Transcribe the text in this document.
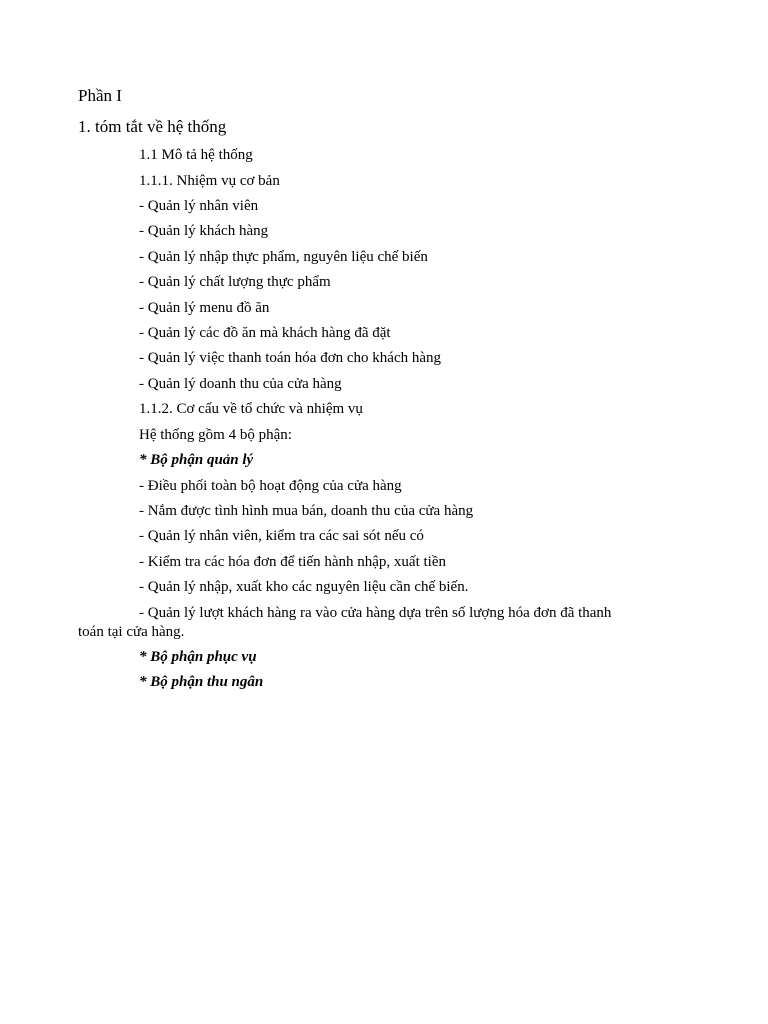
Phần I
1. tóm tắt về hệ thống
1.1 Mô tả hệ thống
1.1.1. Nhiệm vụ cơ bản
- Quản lý nhân viên
- Quản lý khách hàng
- Quản lý nhập thực phẩm, nguyên liệu chế biến
- Quản lý chất lượng thực phẩm
- Quản lý menu đồ ăn
- Quản lý các đồ ăn mà khách hàng đã đặt
- Quản lý việc thanh toán hóa đơn cho khách hàng
- Quản lý doanh thu của cửa hàng
1.1.2. Cơ cấu về tổ chức và nhiệm vụ
Hệ thống gồm 4 bộ phận:
* Bộ phận quản lý
- Điều phối toàn bộ hoạt động của cửa hàng
- Nắm được tình hình mua bán, doanh thu của cửa hàng
- Quản lý nhân viên, kiểm tra các sai sót nếu có
- Kiểm tra các hóa đơn để tiến hành nhập, xuất tiền
- Quản lý nhập, xuất kho các nguyên liệu cần chế biến.
- Quản lý lượt khách hàng ra vào cửa hàng dựa trên số lượng hóa đơn đã thanh
toán tại cửa hàng.
* Bộ phận phục vụ
* Bộ phận thu ngân
